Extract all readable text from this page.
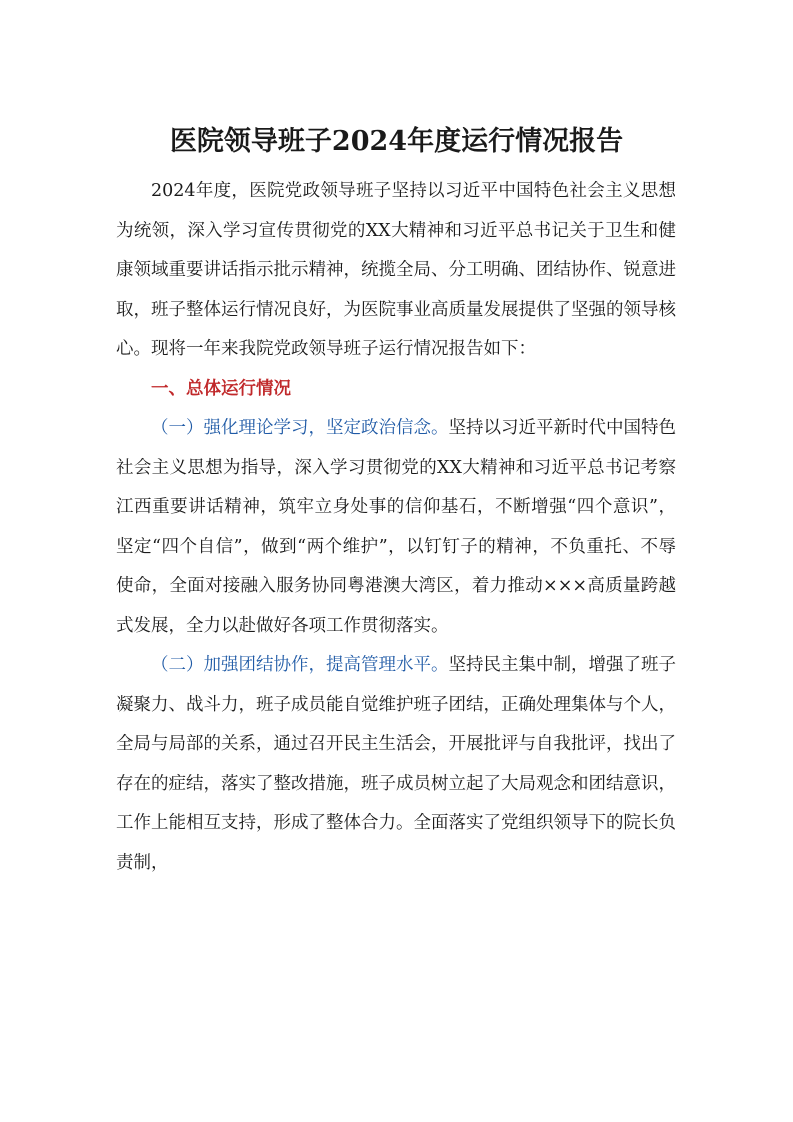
医院领导班子2024年度运行情况报告

2024年度，医院党政领导班子坚持以习近平中国特色社会主义思想为统领，深入学习宣传贯彻党的XX大精神和习近平总书记关于卫生和健康领域重要讲话指示批示精神，统揽全局、分工明确、团结协作、锐意进取，班子整体运行情况良好，为医院事业高质量发展提供了坚强的领导核心。现将一年来我院党政领导班子运行情况报告如下：

一、总体运行情况

（一）强化理论学习，坚定政治信念。坚持以习近平新时代中国特色社会主义思想为指导，深入学习贯彻党的XX大精神和习近平总书记考察江西重要讲话精神，筑牢立身处事的信仰基石，不断增强“四个意识”，坚定“四个自信”，做到“两个维护”，以钉钉子的精神，不负重托、不辱使命，全面对接融入服务协同粤港澳大湾区，着力推动×××高质量跨越式发展，全力以赴做好各项工作贯彻落实。

（二）加强团结协作，提高管理水平。坚持民主集中制，增强了班子凝聚力、战斗力，班子成员能自觉维护班子团结，正确处理集体与个人，全局与局部的关系，通过召开民主生活会，开展批评与自我批评，找出了存在的症结，落实了整改措施，班子成员树立起了大局观念和团结意识，工作上能相互支持，形成了整体合力。全面落实了党组织领导下的院长负责制，
